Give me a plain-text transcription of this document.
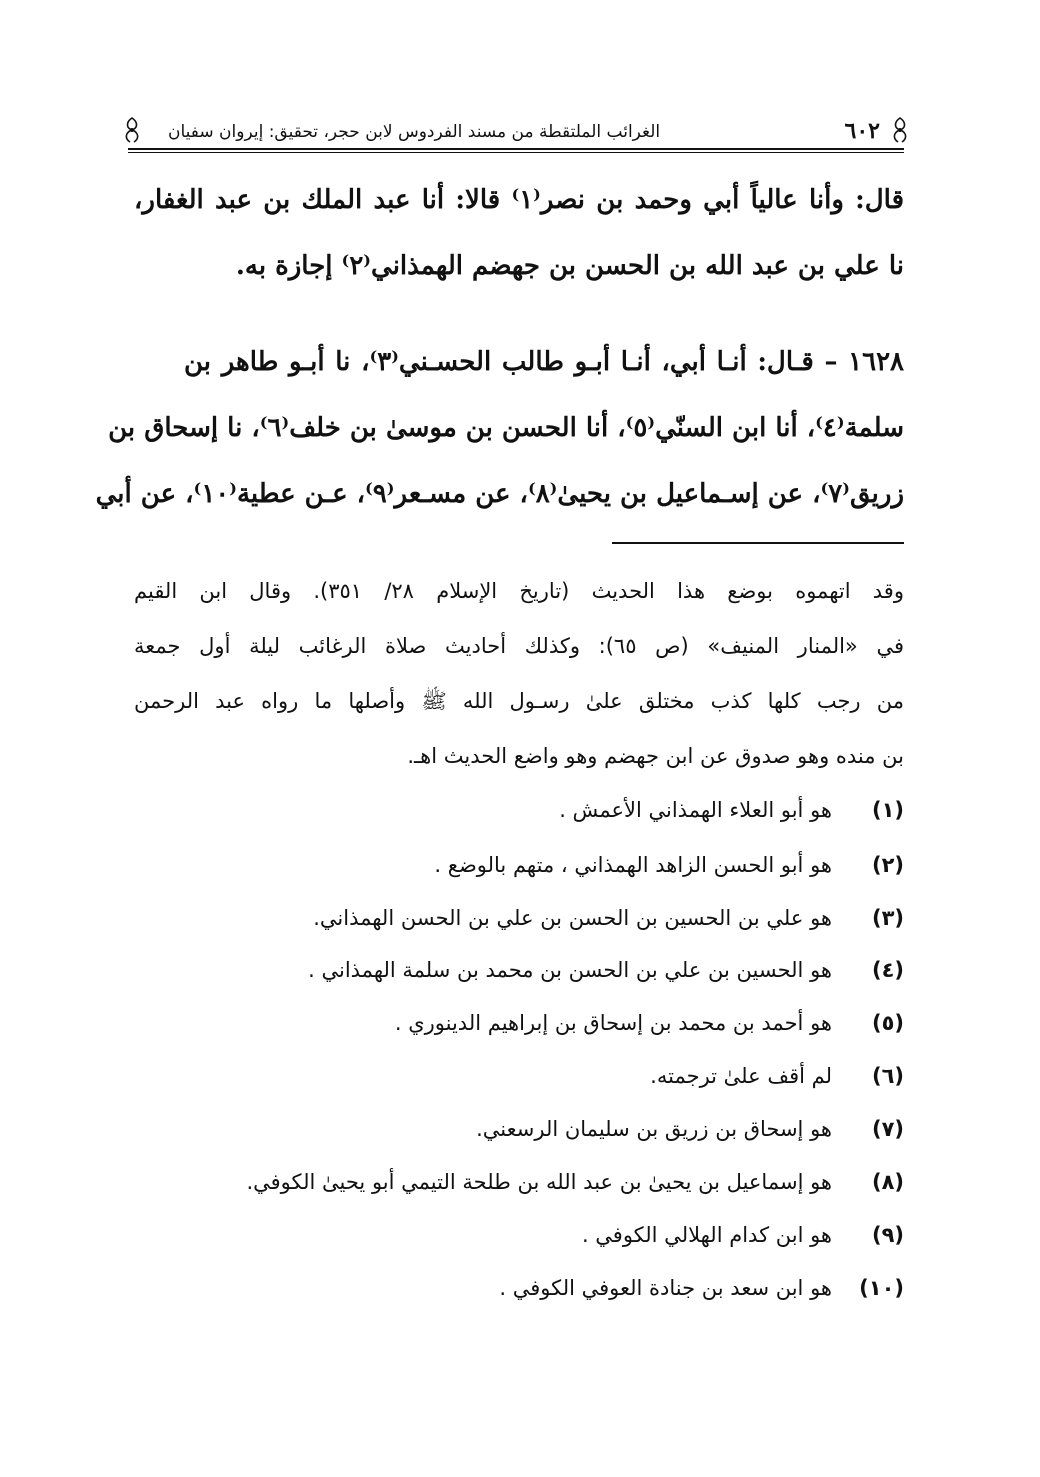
٦٠٢
الغرائب الملتقطة من مسند الفردوس لابن حجر، تحقيق: إيروان سفيان
قال: وأنا عالياً أبي وحمد بن نصر⁽١⁾ قالا: أنا عبد الملك بن عبد الغفار،
نا علي بن عبد الله بن الحسن بن جهضم الهمذاني⁽٢⁾ إجازة به.
١٦٢٨ – قـال: أنـا أبي، أنـا أبـو طالب الحسـني⁽٣⁾، نا أبـو طاهر بن
سلمة⁽٤⁾، أنا ابن السنّي⁽٥⁾، أنا الحسن بن موسىٰ بن خلف⁽٦⁾، نا إسحاق بن
زريق⁽٧⁾، عن إسـماعيل بن يحيىٰ⁽٨⁾، عن مسـعر⁽٩⁾، عـن عطية⁽١٠⁾، عن أبي
وقد اتهموه بوضع هذا الحديث (تاريخ الإسلام ٢٨/ ٣٥١). وقال ابن القيم
في «المنار المنيف» (ص ٦٥): وكذلك أحاديث صلاة الرغائب ليلة أول جمعة
من رجب كلها كذب مختلق علىٰ رسـول الله ﷺ وأصلها ما رواه عبد الرحمن
بن منده وهو صدوق عن ابن جهضم وهو واضع الحديث اهـ.
(١)هو أبو العلاء الهمذاني الأعمش .
(٢)هو أبو الحسن الزاهد الهمذاني ، متهم بالوضع .
(٣)هو علي بن الحسين بن الحسن بن علي بن الحسن الهمذاني.
(٤)هو الحسين بن علي بن الحسن بن محمد بن سلمة الهمذاني .
(٥)هو أحمد بن محمد بن إسحاق بن إبراهيم الدينوري .
(٦)لم أقف علىٰ ترجمته.
(٧)هو إسحاق بن زريق بن سليمان الرسعني.
(٨)هو إسماعيل بن يحيىٰ بن عبد الله بن طلحة التيمي أبو يحيىٰ الكوفي.
(٩)هو ابن كدام الهلالي الكوفي .
(١٠)هو ابن سعد بن جنادة العوفي الكوفي .
